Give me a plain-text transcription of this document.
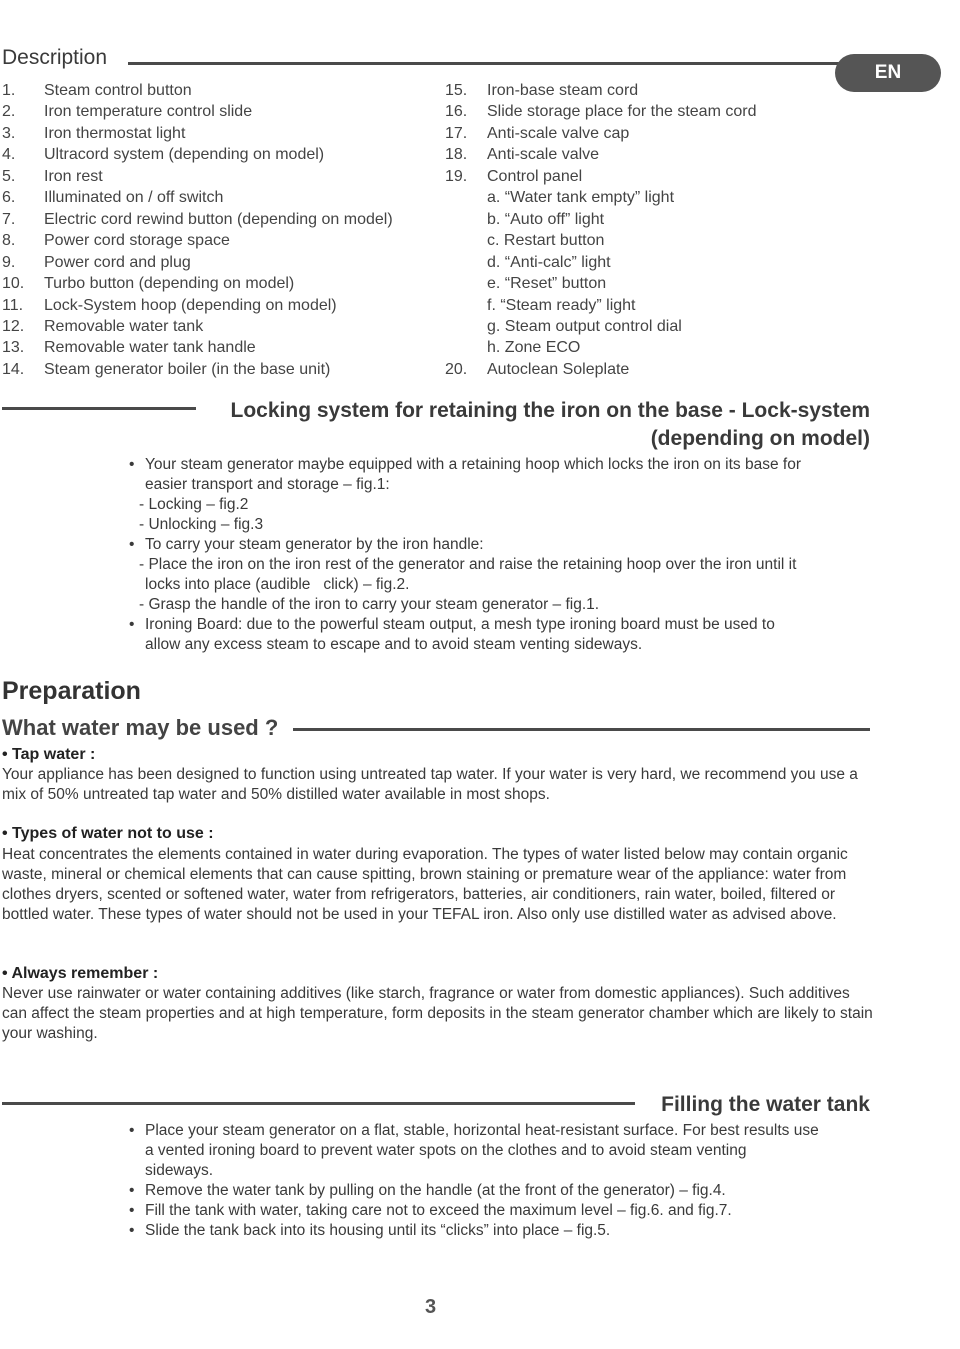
Description
EN
1.	Steam control button
2.	Iron temperature control slide
3.	Iron thermostat light
4.	Ultracord system (depending on model)
5.	Iron rest
6.	Illuminated on / off switch
7.	Electric cord rewind button (depending on model)
8.	Power cord storage space
9.	Power cord and plug
10.	Turbo button (depending on model)
11.	Lock-System hoop (depending on model)
12.	Removable water tank
13.	Removable water tank handle
14.	Steam generator boiler (in the base unit)
15.	Iron-base steam cord
16.	Slide storage place for the steam cord
17.	Anti-scale valve cap
18.	Anti-scale valve
19.	Control panel
a. “Water tank empty” light
b. “Auto off” light
c. Restart button
d. “Anti-calc” light
e. “Reset” button
f. “Steam ready” light
g. Steam output control dial
h. Zone ECO
20.	Autoclean Soleplate
Locking system for retaining the iron on the base - Lock-system
(depending on model)
• Your steam generator maybe equipped with a retaining hoop which locks the iron on its base for
easier transport and storage – fig.1:
- Locking – fig.2
- Unlocking – fig.3
• To carry your steam generator by the iron handle:
- Place the iron on the iron rest of the generator and raise the retaining hoop over the iron until it
locks into place (audible   click) – fig.2.
- Grasp the handle of the iron to carry your steam generator – fig.1.
• Ironing Board: due to the powerful steam output, a mesh type ironing board must be used to
allow any excess steam to escape and to avoid steam venting sideways.
Preparation
What water may be used ?
• Tap water :
Your appliance has been designed to function using untreated tap water. If your water is very hard, we recommend you use a mix of 50% untreated tap water and 50% distilled water available in most shops.
• Types of water not to use :
Heat concentrates the elements contained in water during evaporation. The types of water listed below may contain organic waste, mineral or chemical elements that can cause spitting, brown staining or premature wear of the appliance: water from clothes dryers, scented or softened water, water from refrigerators, batteries, air conditioners, rain water, boiled, filtered or bottled water. These types of water should not be used in your TEFAL iron. Also only use distilled water as advised above.
• Always remember :
Never use rainwater or water containing additives (like starch, fragrance or water from domestic appliances). Such additives can affect the steam properties and at high temperature, form deposits in the steam generator chamber which are likely to stain your washing.
Filling the water tank
• Place your steam generator on a flat, stable, horizontal heat-resistant surface. For best results use
a vented ironing board to prevent water spots on the clothes and to avoid steam venting
sideways.
• Remove the water tank by pulling on the handle (at the front of the generator) – fig.4.
• Fill the tank with water, taking care not to exceed the maximum level – fig.6. and fig.7.
• Slide the tank back into its housing until its “clicks” into place – fig.5.
3
